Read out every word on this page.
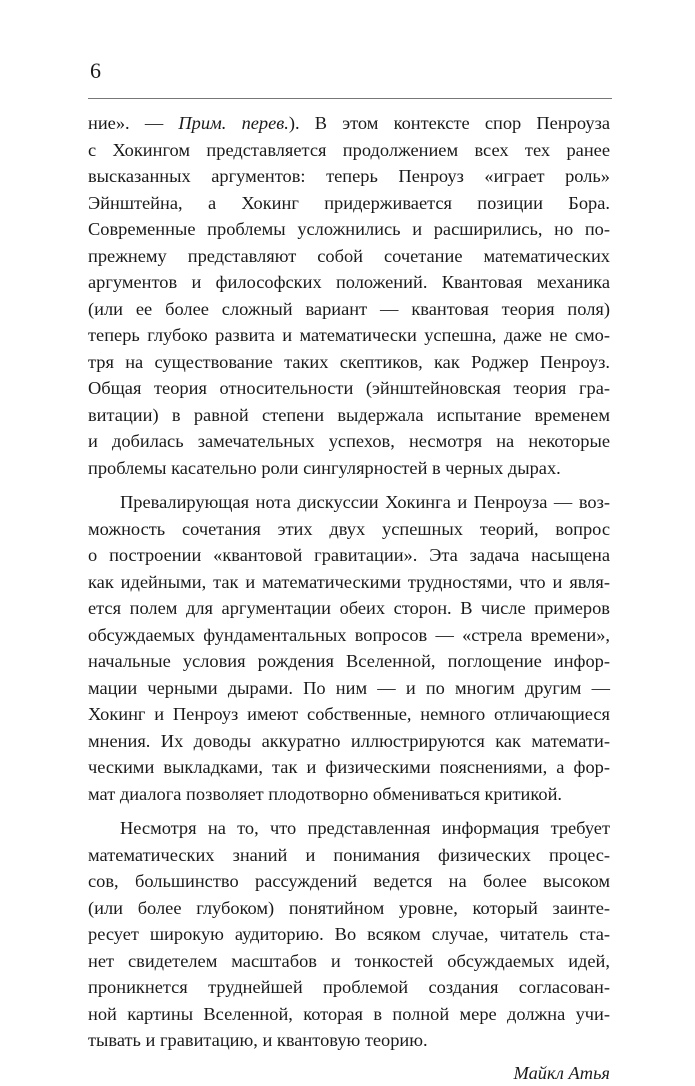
6
ние». — Прим. перев.). В этом контексте спор Пенроуза
с Хокингом представляется продолжением всех тех ранее
высказанных аргументов: теперь Пенроуз «играет роль»
Эйнштейна, а Хокинг придерживается позиции Бора.
Современные проблемы усложнились и расширились, но по-
прежнему представляют собой сочетание математических
аргументов и философских положений. Квантовая механика
(или ее более сложный вариант — квантовая теория поля)
теперь глубоко развита и математически успешна, даже не смо-
тря на существование таких скептиков, как Роджер Пенроуз.
Общая теория относительности (эйнштейновская теория гра-
витации) в равной степени выдержала испытание временем
и добилась замечательных успехов, несмотря на некоторые
проблемы касательно роли сингулярностей в черных дырах.
Превалирующая нота дискуссии Хокинга и Пенроуза — воз-
можность сочетания этих двух успешных теорий, вопрос
о построении «квантовой гравитации». Эта задача насыщена
как идейными, так и математическими трудностями, что и явля-
ется полем для аргументации обеих сторон. В числе примеров
обсуждаемых фундаментальных вопросов — «стрела времени»,
начальные условия рождения Вселенной, поглощение инфор-
мации черными дырами. По ним — и по многим другим —
Хокинг и Пенроуз имеют собственные, немного отличающиеся
мнения. Их доводы аккуратно иллюстрируются как математи-
ческими выкладками, так и физическими пояснениями, а фор-
мат диалога позволяет плодотворно обмениваться критикой.
Несмотря на то, что представленная информация требует
математических знаний и понимания физических процес-
сов, большинство рассуждений ведется на более высоком
(или более глубоком) понятийном уровне, который заинте-
ресует широкую аудиторию. Во всяком случае, читатель ста-
нет свидетелем масштабов и тонкостей обсуждаемых идей,
проникнется труднейшей проблемой создания согласован-
ной картины Вселенной, которая в полной мере должна учи-
тывать и гравитацию, и квантовую теорию.
Майкл Атья
